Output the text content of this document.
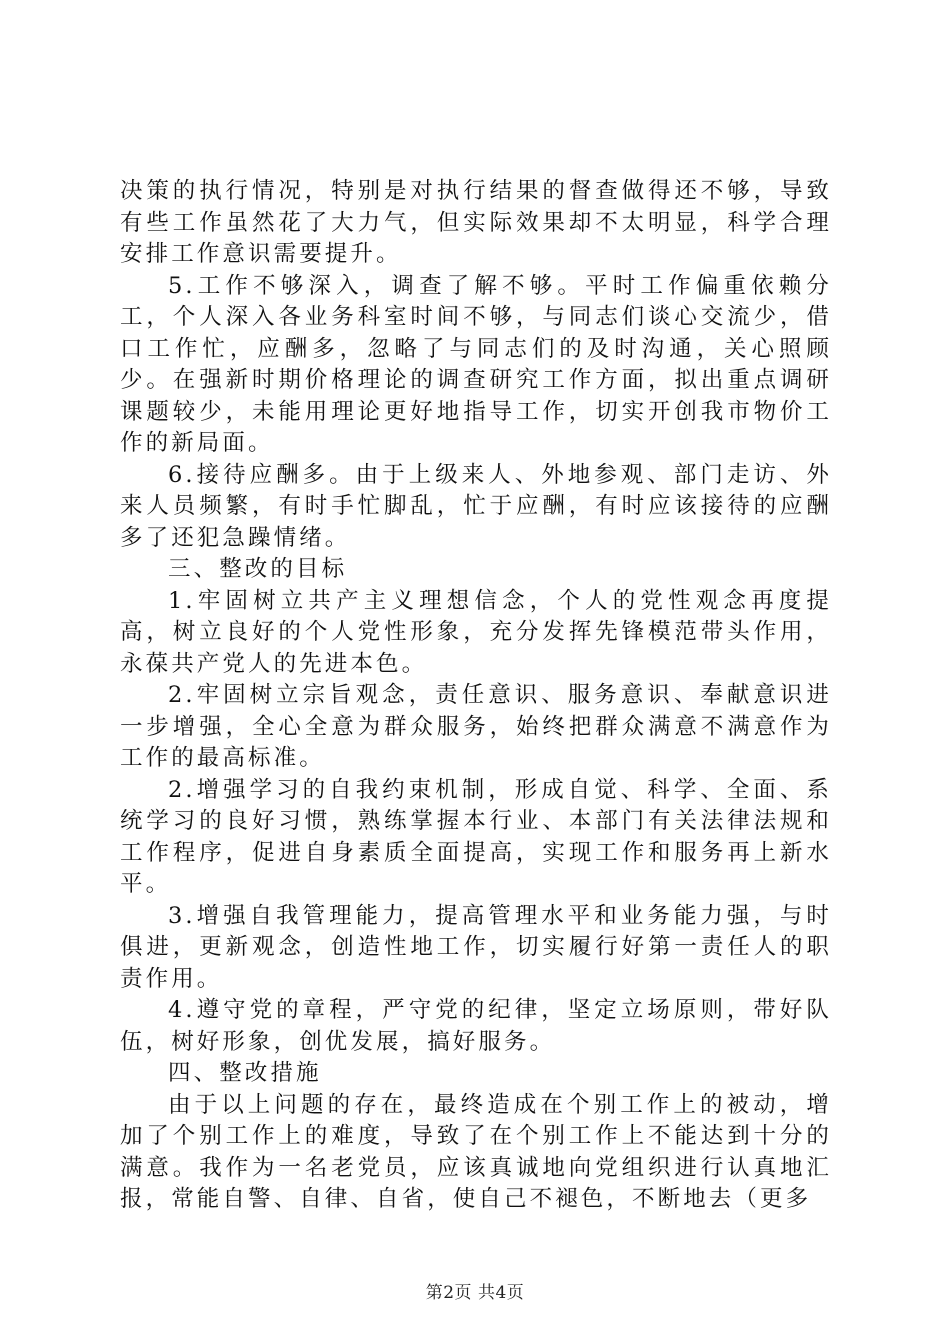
决策的执行情况，特别是对执行结果的督查做得还不够，导致有些工作虽然花了大力气，但实际效果却不太明显，科学合理安排工作意识需要提升。

5.工作不够深入，调查了解不够。平时工作偏重依赖分工，个人深入各业务科室时间不够，与同志们谈心交流少，借口工作忙，应酬多，忽略了与同志们的及时沟通，关心照顾少。在强新时期价格理论的调查研究工作方面，拟出重点调研课题较少，未能用理论更好地指导工作，切实开创我市物价工作的新局面。

6.接待应酬多。由于上级来人、外地参观、部门走访、外来人员频繁，有时手忙脚乱，忙于应酬，有时应该接待的应酬多了还犯急躁情绪。

三、整改的目标

1.牢固树立共产主义理想信念，个人的党性观念再度提高，树立良好的个人党性形象，充分发挥先锋模范带头作用，永葆共产党人的先进本色。

2.牢固树立宗旨观念，责任意识、服务意识、奉献意识进一步增强，全心全意为群众服务，始终把群众满意不满意作为工作的最高标准。

2.增强学习的自我约束机制，形成自觉、科学、全面、系统学习的良好习惯，熟练掌握本行业、本部门有关法律法规和工作程序，促进自身素质全面提高，实现工作和服务再上新水平。

3.增强自我管理能力，提高管理水平和业务能力强，与时俱进，更新观念，创造性地工作，切实履行好第一责任人的职责作用。

4.遵守党的章程，严守党的纪律，坚定立场原则，带好队伍，树好形象，创优发展，搞好服务。

四、整改措施

由于以上问题的存在，最终造成在个别工作上的被动，增加了个别工作上的难度，导致了在个别工作上不能达到十分的满意。我作为一名老党员，应该真诚地向党组织进行认真地汇报，常能自警、自律、自省，使自己不褪色，不断地去（更多

第2页 共4页
